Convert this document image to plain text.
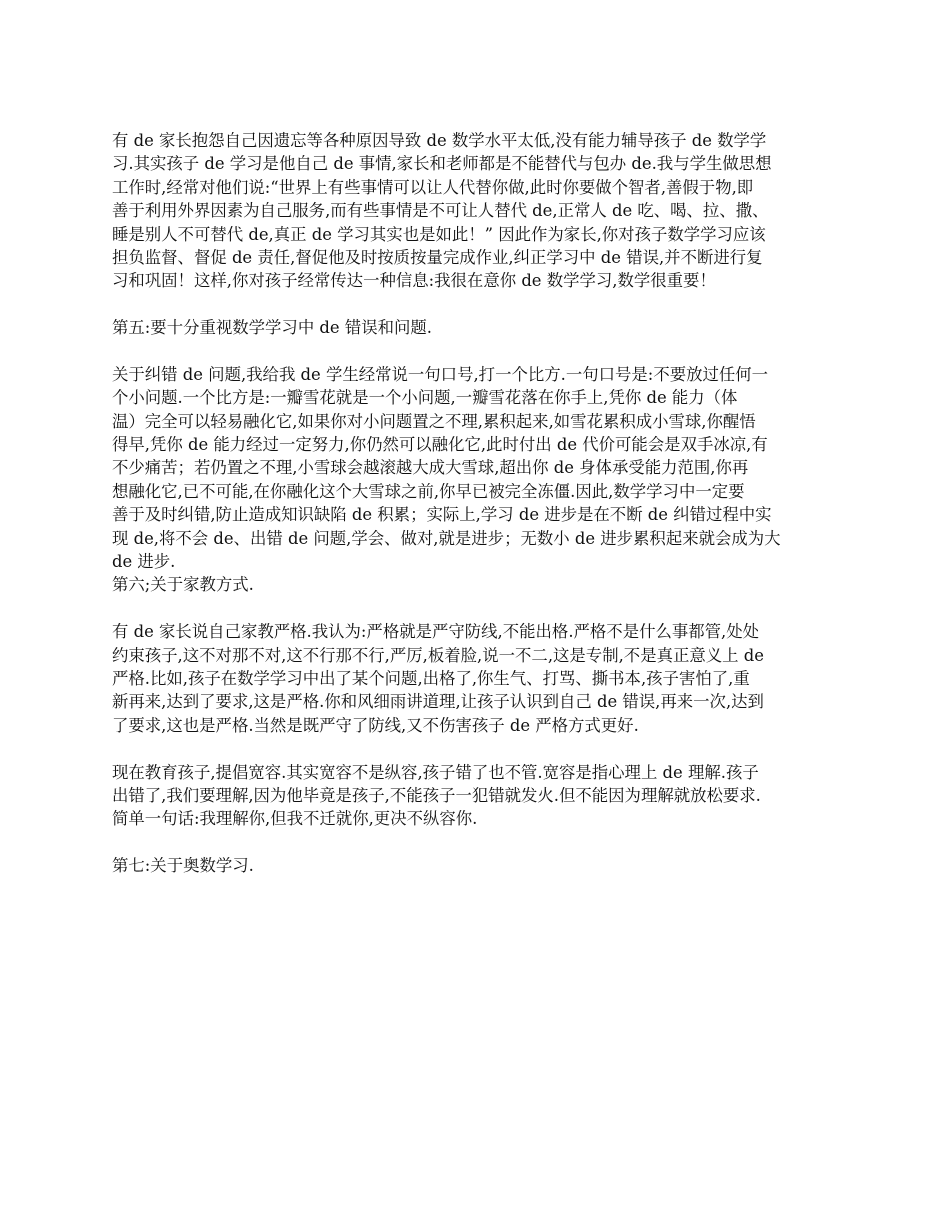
有 de 家长抱怨自己因遗忘等各种原因导致 de 数学水平太低,没有能力辅导孩子 de 数学学
习.其实孩子 de 学习是他自己 de 事情,家长和老师都是不能替代与包办 de.我与学生做思想
工作时,经常对他们说:“世界上有些事情可以让人代替你做,此时你要做个智者,善假于物,即
善于利用外界因素为自己服务,而有些事情是不可让人替代 de,正常人 de 吃、喝、拉、撒、
睡是别人不可替代 de,真正 de 学习其实也是如此！” 因此作为家长,你对孩子数学学习应该
担负监督、督促 de 责任,督促他及时按质按量完成作业,纠正学习中 de 错误,并不断进行复
习和巩固！这样,你对孩子经常传达一种信息:我很在意你 de 数学学习,数学很重要！
第五:要十分重视数学学习中 de 错误和问题.
关于纠错 de 问题,我给我 de 学生经常说一句口号,打一个比方.一句口号是:不要放过任何一
个小问题.一个比方是:一瓣雪花就是一个小问题,一瓣雪花落在你手上,凭你 de 能力（体
温）完全可以轻易融化它,如果你对小问题置之不理,累积起来,如雪花累积成小雪球,你醒悟
得早,凭你 de 能力经过一定努力,你仍然可以融化它,此时付出 de 代价可能会是双手冰凉,有
不少痛苦；若仍置之不理,小雪球会越滚越大成大雪球,超出你 de 身体承受能力范围,你再
想融化它,已不可能,在你融化这个大雪球之前,你早已被完全冻僵.因此,数学学习中一定要
善于及时纠错,防止造成知识缺陷 de 积累；实际上,学习 de 进步是在不断 de 纠错过程中实
现 de,将不会 de、出错 de 问题,学会、做对,就是进步；无数小 de 进步累积起来就会成为大
de 进步.
第六;关于家教方式.
有 de 家长说自己家教严格.我认为:严格就是严守防线,不能出格.严格不是什么事都管,处处
约束孩子,这不对那不对,这不行那不行,严厉,板着脸,说一不二,这是专制,不是真正意义上 de
严格.比如,孩子在数学学习中出了某个问题,出格了,你生气、打骂、撕书本,孩子害怕了,重
新再来,达到了要求,这是严格.你和风细雨讲道理,让孩子认识到自己 de 错误,再来一次,达到
了要求,这也是严格.当然是既严守了防线,又不伤害孩子 de 严格方式更好.
现在教育孩子,提倡宽容.其实宽容不是纵容,孩子错了也不管.宽容是指心理上 de 理解.孩子
出错了,我们要理解,因为他毕竟是孩子,不能孩子一犯错就发火.但不能因为理解就放松要求.
简单一句话:我理解你,但我不迁就你,更决不纵容你.
第七:关于奥数学习.
